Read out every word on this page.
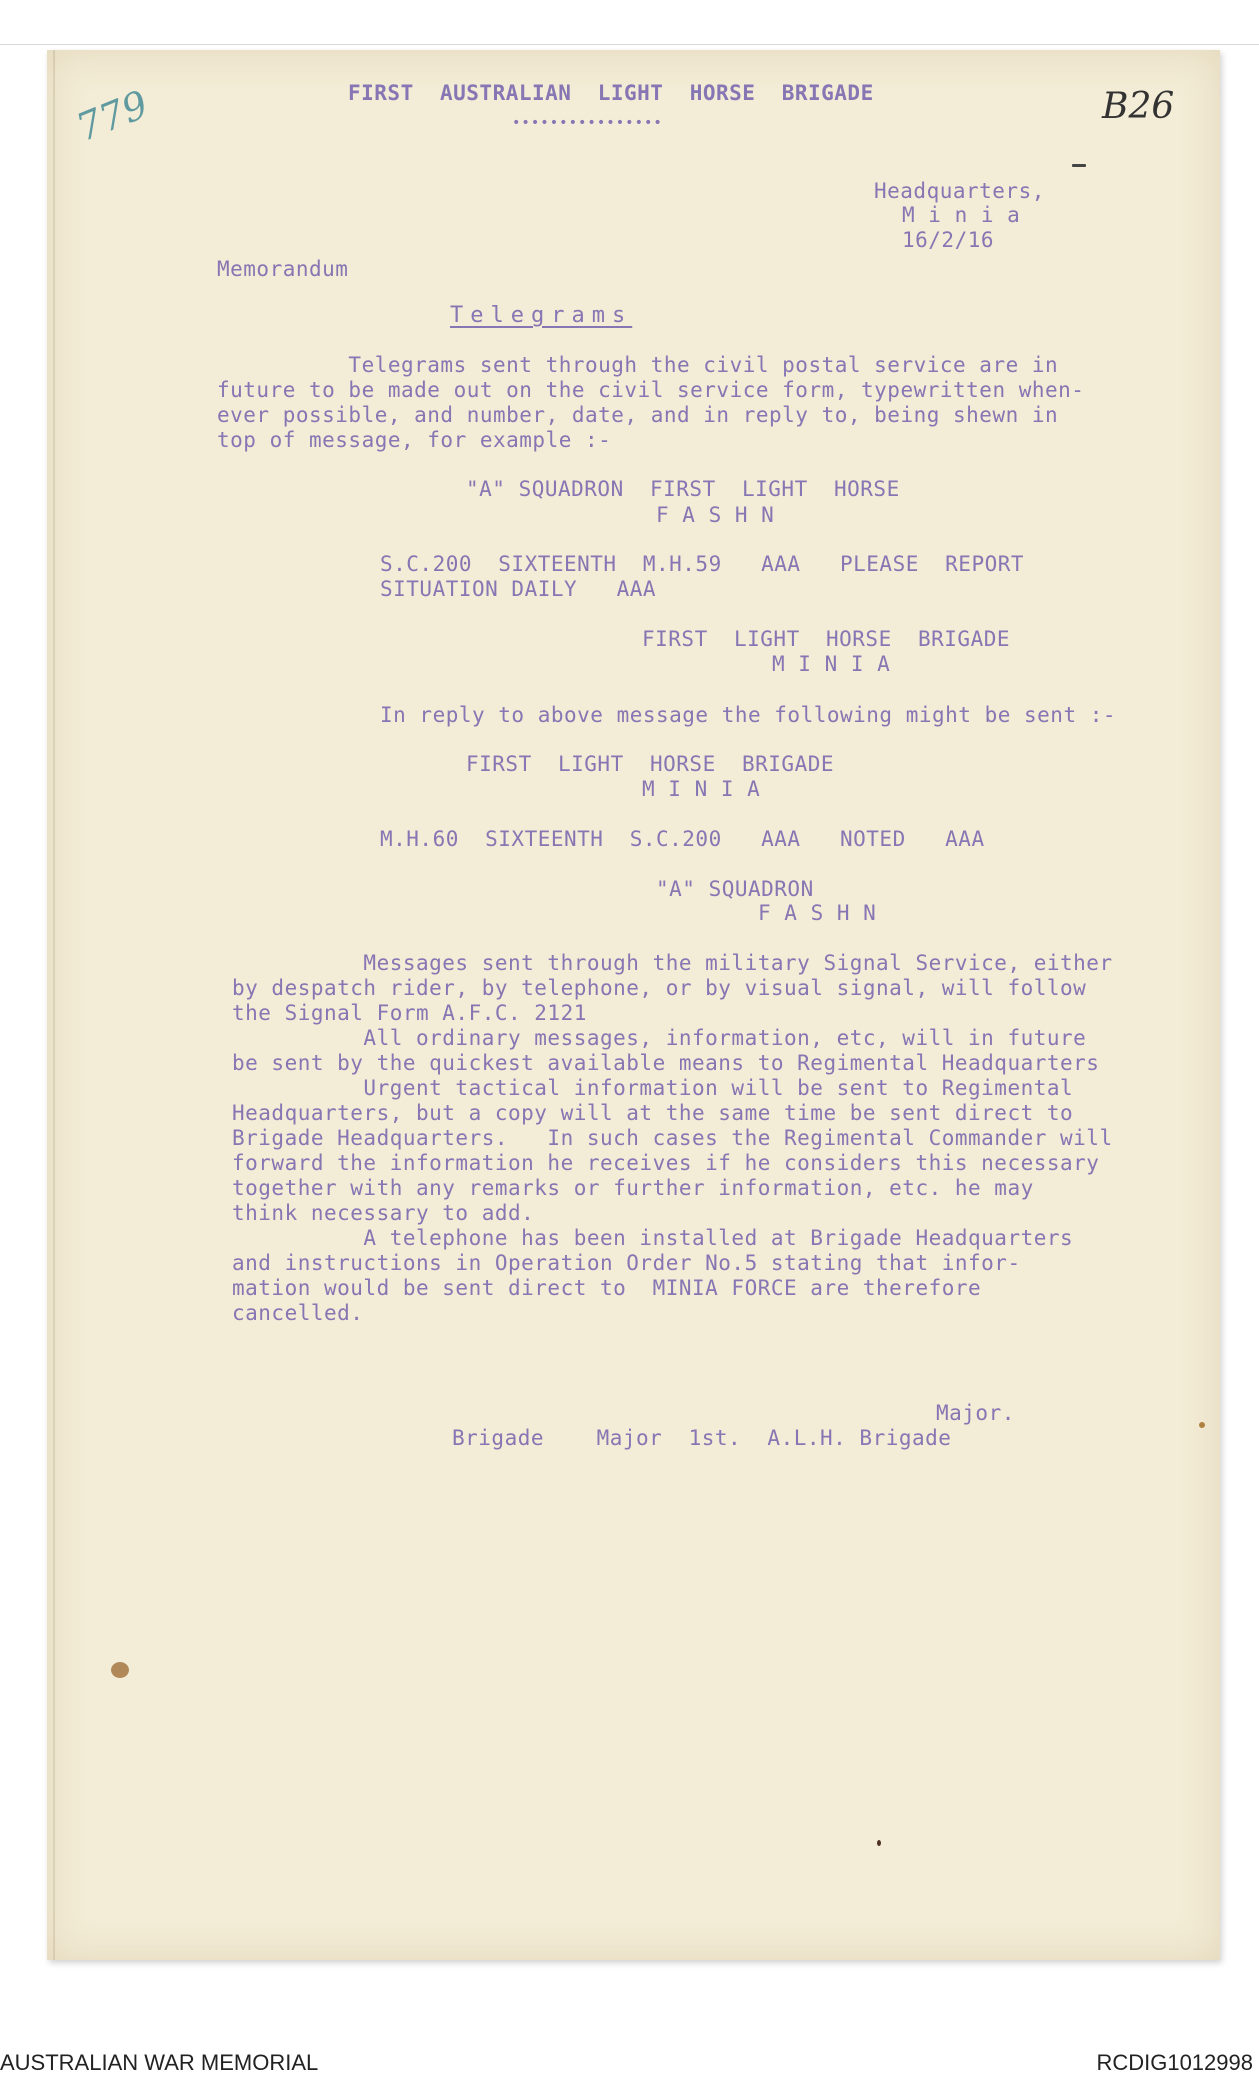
779	B26
FIRST  AUSTRALIAN  LIGHT  HORSE  BRIGADE
••••••••••••••••
Headquarters,
M i n i a
16/2/16
Memorandum
Telegrams
Telegrams sent through the civil postal service are in
future to be made out on the civil service form, typewritten when-
ever possible, and number, date, and in reply to, being shewn in
top of message, for example :-
"A" SQUADRON  FIRST  LIGHT  HORSE
F A S H N
S.C.200  SIXTEENTH  M.H.59   AAA   PLEASE  REPORT
SITUATION DAILY   AAA
FIRST  LIGHT  HORSE  BRIGADE
M I N I A
In reply to above message the following might be sent :-
FIRST  LIGHT  HORSE  BRIGADE
M I N I A
M.H.60  SIXTEENTH  S.C.200   AAA   NOTED   AAA
"A" SQUADRON
F A S H N
Messages sent through the military Signal Service, either
by despatch rider, by telephone, or by visual signal, will follow
the Signal Form A.F.C. 2121
All ordinary messages, information, etc, will in future
be sent by the quickest available means to Regimental Headquarters
Urgent tactical information will be sent to Regimental
Headquarters, but a copy will at the same time be sent direct to
Brigade Headquarters.   In such cases the Regimental Commander will
forward the information he receives if he considers this necessary
together with any remarks or further information, etc. he may
think necessary to add.
A telephone has been installed at Brigade Headquarters
and instructions in Operation Order No.5 stating that infor-
mation would be sent direct to  MINIA FORCE are therefore
cancelled.
Major.
Brigade    Major  1st.  A.L.H. Brigade
AUSTRALIAN WAR MEMORIAL	RCDIG1012998
